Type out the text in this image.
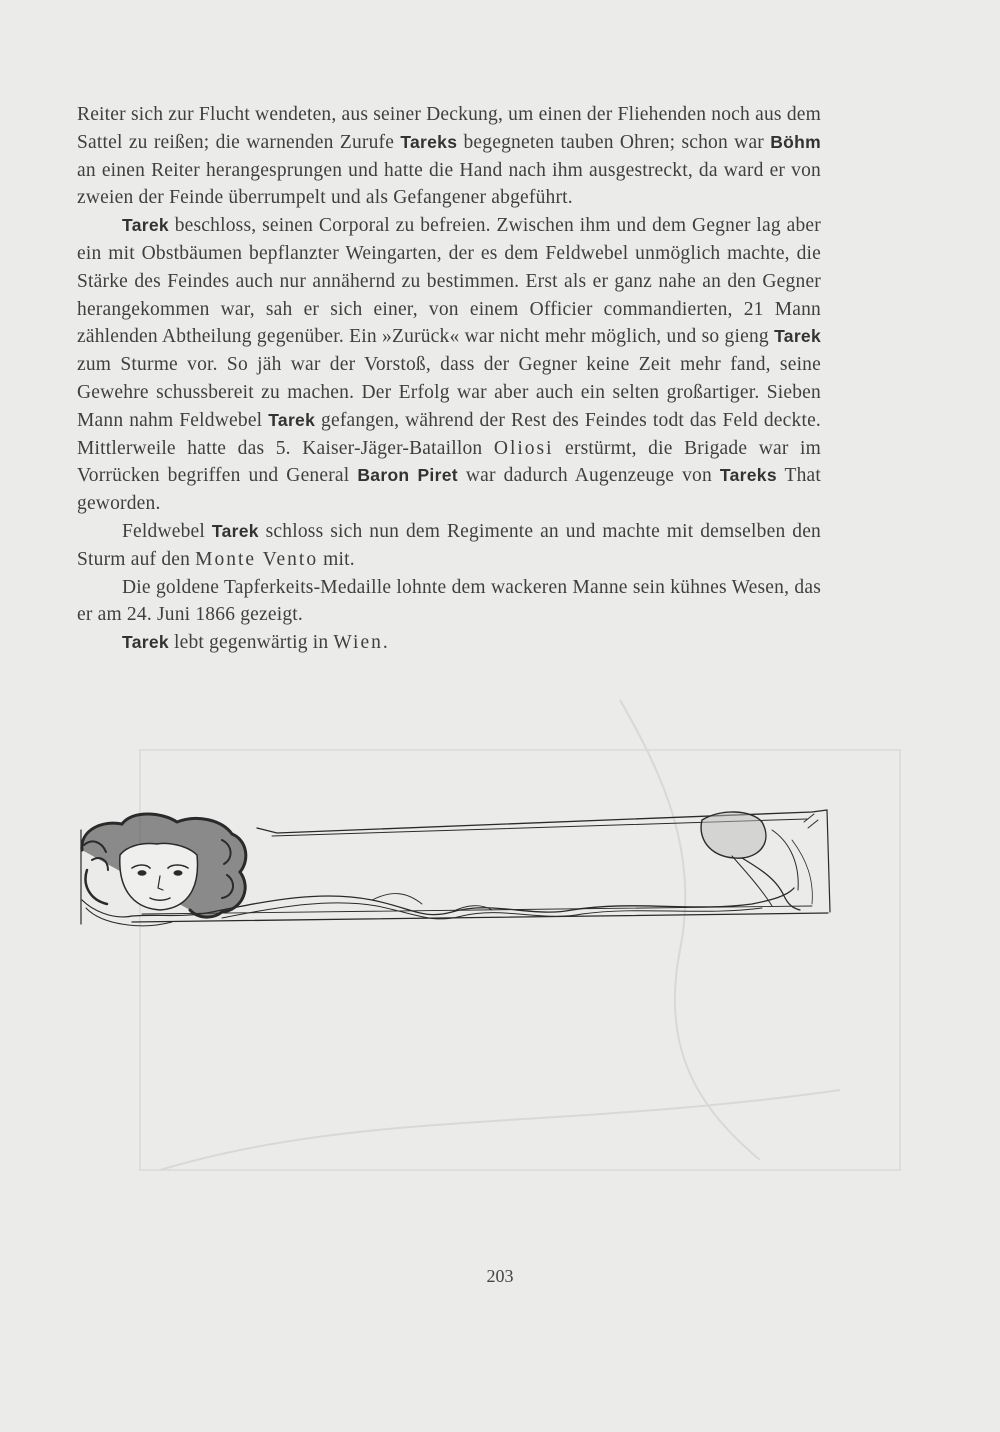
Reiter sich zur Flucht wendeten, aus seiner Deckung, um einen der Fliehenden noch aus dem Sattel zu reißen; die warnenden Zurufe Tareks begegneten tauben Ohren; schon war Böhm an einen Reiter herangesprungen und hatte die Hand nach ihm ausgestreckt, da ward er von zweien der Feinde überrumpelt und als Gefangener abgeführt.

Tarek beschloss, seinen Corporal zu befreien. Zwischen ihm und dem Gegner lag aber ein mit Obstbäumen bepflanzter Weingarten, der es dem Feldwebel unmöglich machte, die Stärke des Feindes auch nur annähernd zu bestimmen. Erst als er ganz nahe an den Gegner herangekommen war, sah er sich einer, von einem Officier commandierten, 21 Mann zählenden Abtheilung gegenüber. Ein »Zurück« war nicht mehr möglich, und so gieng Tarek zum Sturme vor. So jäh war der Vorstoß, dass der Gegner keine Zeit mehr fand, seine Gewehre schussbereit zu machen. Der Erfolg war aber auch ein selten großartiger. Sieben Mann nahm Feldwebel Tarek gefangen, während der Rest des Feindes todt das Feld deckte. Mittlerweile hatte das 5. Kaiser-Jäger-Bataillon Oliosi erstürmt, die Brigade war im Vorrücken begriffen und General Baron Piret war dadurch Augenzeuge von Tareks That geworden.

Feldwebel Tarek schloss sich nun dem Regimente an und machte mit demselben den Sturm auf den Monte Vento mit.

Die goldene Tapferkeits-Medaille lohnte dem wackeren Manne sein kühnes Wesen, das er am 24. Juni 1866 gezeigt.

Tarek lebt gegenwärtig in Wien.

203
